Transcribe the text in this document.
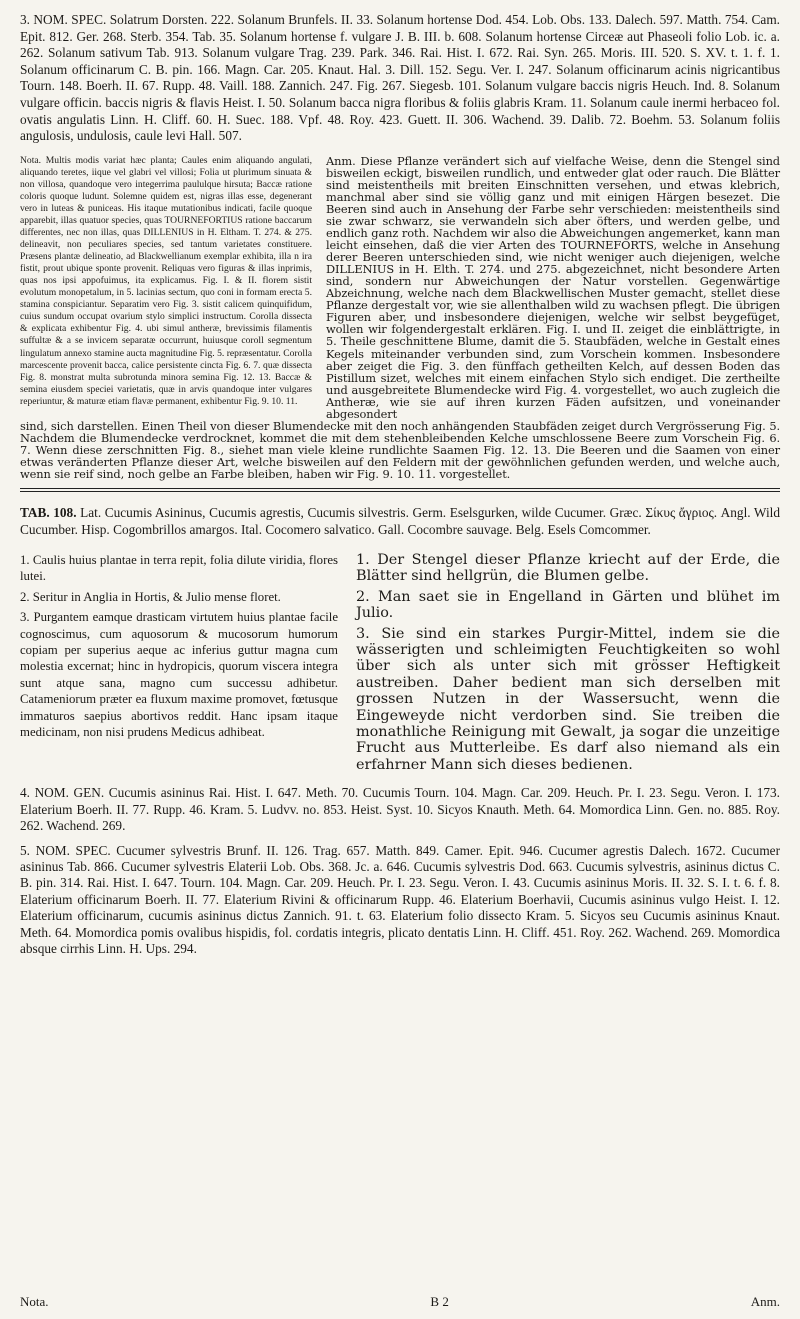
3. NOM. SPEC. Solatrum Dorsten. 222. Solanum Brunfels. II. 33. Solanum hortense Dod. 454. Lob. Obs. 133. Dalech. 597. Matth. 754. Cam. Epit. 812. Ger. 268. Sterb. 354. Tab. 35. Solanum hortense f. vulgare J. B. III. b. 608. Solanum hortense Circeæ aut Phaseoli folio Lob. ic. a. 262. Solanum sativum Tab. 913. Solanum vulgare Trag. 239. Park. 346. Rai. Hist. I. 672. Rai. Syn. 265. Moris. III. 520. S. XV. t. 1. f. 1. Solanum officinarum C. B. pin. 166. Magn. Car. 205. Knaut. Hal. 3. Dill. 152. Segu. Ver. I. 247. Solanum officinarum acinis nigricantibus Tourn. 148. Boerh. II. 67. Rupp. 48. Vaill. 188. Zannich. 247. Fig. 267. Siegesb. 101. Solanum vulgare baccis nigris Heuch. Ind. 8. Solanum vulgare officin. baccis nigris & flavis Heist. I. 50. Solanum bacca nigra floribus & foliis glabris Kram. 11. Solanum caule inermi herbaceo fol. ovatis angulatis Linn. H. Cliff. 60. H. Suec. 188. Vpf. 48. Roy. 423. Guett. II. 306. Wachend. 39. Dalib. 72. Boehm. 53. Solanum foliis angulosis, undulosis, caule levi Hall. 507.

Nota. Multis modis variat hæc planta; Caules enim aliquando angulati, aliquando teretes, iique vel glabri vel villosi; Folia ut plurimum sinuata & non villosa, quandoque vero integerrima paululque hirsuta; Baccæ ratione coloris quoque ludunt. Solemne quidem est, nigras illas esse, degenerant vero in luteas & puniceas. His itaque mutationibus indicati, facile quoque apparebit, illas quatuor species, quas TOURNEFORTIUS ratione baccarum differentes, nec non illas, quas DILLENIUS in H. Eltham. T. 274. & 275. delineavit, non peculiares species, sed tantum varietates constituere. Præsens plantæ delineatio, ad Blackwellianum exemplar exhibita, illa n ira fistit, prout ubique sponte provenit. Reliquas vero figuras & illas inprimis, quas nos ipsi appofuimus, ita explicamus. Fig. I. & II. florem sistit evolutum monopetalum, in 5. lacinias sectum, quo coni in formam erecta 5. stamina conspiciantur. Separatim vero Fig. 3. sistit calicem quinquifidum, cuius sundum occupat ovarium stylo simplici instructum. Corolla dissecta & explicata exhibentur Fig. 4. ubi simul antheræ, brevissimis filamentis suffultæ & a se invicem separatæ occurrunt, huiusque coroll segmentum lingulatum annexo stamine aucta magnitudine Fig. 5. repræsentatur. Corolla marcescente provenit bacca, calice persistente cincta Fig. 6. 7. quæ dissecta Fig. 8. monstrat multa subrotunda minora semina Fig. 12. 13. Baccæ & semina eiusdem speciei varietatis, quæ in arvis quandoque inter vulgares reperiuntur, & maturæ etiam flavæ permanent, exhibentur Fig. 9. 10. 11.
Anm. Diese Pflanze verändert sich auf vielfache Weise, denn die Stengel sind bisweilen eckigt, bisweilen rundlich, und entweder glat oder rauch. Die Blätter sind meistentheils mit breiten Einschnitten versehen, und etwas klebrich, manchmal aber sind sie völlig ganz und mit einigen Härgen besezet. Die Beeren sind auch in Ansehung der Farbe sehr verschieden: meistentheils sind sie zwar schwarz, sie verwandeln sich aber öfters, und werden gelbe, und endlich ganz roth. Nachdem wir also die Abweichungen angemerket, kann man leicht einsehen, daß die vier Arten des TOURNEFORTS, welche in Ansehung derer Beeren unterschieden sind, wie nicht weniger auch diejenigen, welche DILLENIUS in H. Elth. T. 274. und 275. abgezeichnet, nicht besondere Arten sind, sondern nur Abweichungen der Natur vorstellen. Gegenwärtige Abzeichnung, welche nach dem Blackwellischen Muster gemacht, stellet diese Pflanze dergestalt vor, wie sie allenthalben wild zu wachsen pflegt. Die übrigen Figuren aber, und insbesondere diejenigen, welche wir selbst beygefüget, wollen wir folgendergestalt erklären. Fig. I. und II. zeiget die einblättrigte, in 5. Theile geschnittene Blume, damit die 5. Staubfäden, welche in Gestalt eines Kegels miteinander verbunden sind, zum Vorschein kommen. Insbesondere aber zeiget die Fig. 3. den fünffach getheilten Kelch, auf dessen Boden das Pistillum sizet, welches mit einem einfachen Stylo sich endiget. Die zertheilte und ausgebreitete Blumendecke wird Fig. 4. vorgestellet, wo auch zugleich die Antheræ, wie sie auf ihren kurzen Fäden aufsitzen, und voneinander abgesondert

sind, sich darstellen. Einen Theil von dieser Blumendecke mit den noch anhängenden Staubfäden zeiget durch Vergrösserung Fig. 5. Nachdem die Blumendecke verdrocknet, kommet die mit dem stehenbleibenden Kelche umschlossene Beere zum Vorschein Fig. 6. 7. Wenn diese zerschnitten Fig. 8., siehet man viele kleine rundlichte Saamen Fig. 12. 13. Die Beeren und die Saamen von einer etwas veränderten Pflanze dieser Art, welche bisweilen auf den Feldern mit der gewöhnlichen gefunden werden, und welche auch, wenn sie reif sind, noch gelbe an Farbe bleiben, haben wir Fig. 9. 10. 11. vorgestellet.

TAB. 108. Lat. Cucumis Asininus, Cucumis agrestis, Cucumis silvestris. Germ. Eselsgurken, wilde Cucumer. Græc. Σίκυς ἄγριος. Angl. Wild Cucumber. Hisp. Cogombrillos amargos. Ital. Cocomero salvatico. Gall. Cocombre sauvage. Belg. Esels Comcommer.

1. Caulis huius plantae in terra repit, folia dilute viridia, flores lutei.

2. Seritur in Anglia in Hortis, & Julio mense floret.

3. Purgantem eamque drasticam virtutem huius plantae facile cognoscimus, cum aquosorum & mucosorum humorum copiam per superius aeque ac inferius guttur magna cum molestia excernat; hinc in hydropicis, quorum viscera integra sunt atque sana, magno cum successu adhibetur. Catameniorum præter ea fluxum maxime promovet, fœtusque immaturos saepius abortivos reddit. Hanc ipsam itaque medicinam, non nisi prudens Medicus adhibeat.

1. Der Stengel dieser Pflanze kriecht auf der Erde, die Blätter sind hellgrün, die Blumen gelbe.

2. Man saet sie in Engelland in Gärten und blühet im Julio.

3. Sie sind ein starkes Purgir-Mittel, indem sie die wässerigten und schleimigten Feuchtigkeiten so wohl über sich als unter sich mit grösser Heftigkeit austreiben. Daher bedient man sich derselben mit grossen Nutzen in der Wassersucht, wenn die Eingeweyde nicht verdorben sind. Sie treiben die monathliche Reinigung mit Gewalt, ja sogar die unzeitige Frucht aus Mutterleibe. Es darf also niemand als ein erfahrner Mann sich dieses bedienen.

4. NOM. GEN. Cucumis asininus Rai. Hist. I. 647. Meth. 70. Cucumis Tourn. 104. Magn. Car. 209. Heuch. Pr. I. 23. Segu. Veron. I. 173. Elaterium Boerh. II. 77. Rupp. 46. Kram. 5. Ludvv. no. 853. Heist. Syst. 10. Sicyos Knauth. Meth. 64. Momordica Linn. Gen. no. 885. Roy. 262. Wachend. 269.

5. NOM. SPEC. Cucumer sylvestris Brunf. II. 126. Trag. 657. Matth. 849. Camer. Epit. 946. Cucumer agrestis Dalech. 1672. Cucumer asininus Tab. 866. Cucumer sylvestris Elaterii Lob. Obs. 368. Jc. a. 646. Cucumis sylvestris Dod. 663. Cucumis sylvestris, asininus dictus C. B. pin. 314. Rai. Hist. I. 647. Tourn. 104. Magn. Car. 209. Heuch. Pr. I. 23. Segu. Veron. I. 43. Cucumis asininus Moris. II. 32. S. I. t. 6. f. 8. Elaterium officinarum Boerh. II. 77. Elaterium Rivini & officinarum Rupp. 46. Elaterium Boerhavii, Cucumis asininus vulgo Heist. I. 12. Elaterium officinarum, cucumis asininus dictus Zannich. 91. t. 63. Elaterium folio dissecto Kram. 5. Sicyos seu Cucumis asininus Knaut. Meth. 64. Momordica pomis ovalibus hispidis, fol. cordatis integris, plicato dentatis Linn. H. Cliff. 451. Roy. 262. Wachend. 269. Momordica absque cirrhis Linn. H. Ups. 294.

Nota.	B 2	Anm.
